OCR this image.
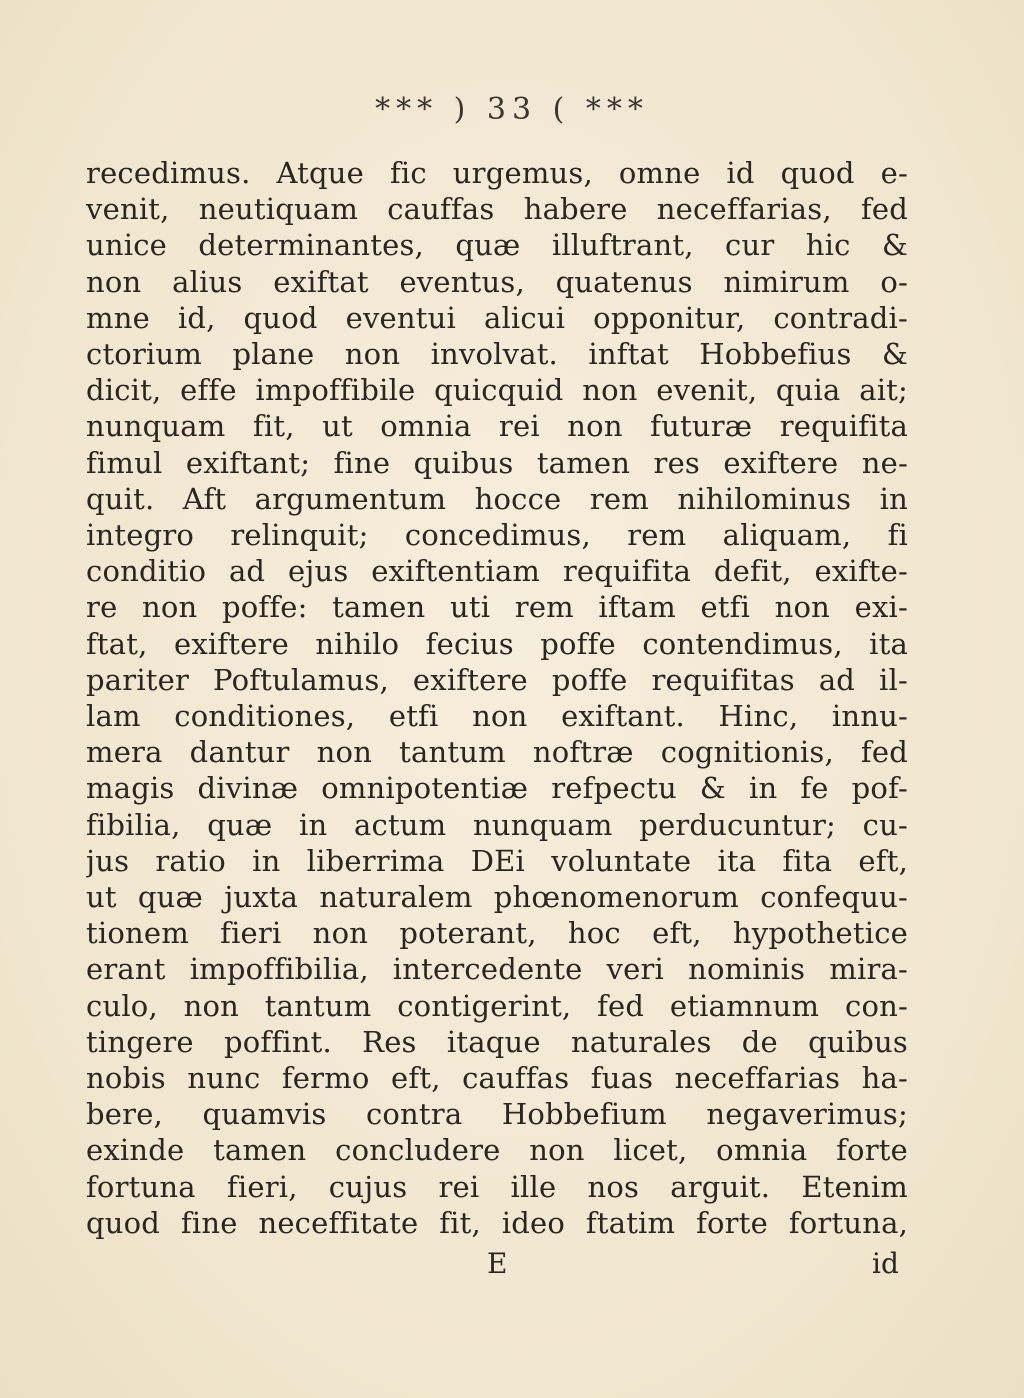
*** ) 33 ( ***
recedimus. Atque fic urgemus, omne id quod e-
venit, neutiquam cauffas habere neceffarias, fed
unice determinantes, quæ illuftrant, cur hic &
non alius exiftat eventus, quatenus nimirum o-
mne id, quod eventui alicui opponitur, contradi-
ctorium plane non involvat. inftat Hobbefius &
dicit, effe impoffibile quicquid non evenit, quia ait;
nunquam fit, ut omnia rei non futuræ requifita
fimul exiftant; fine quibus tamen res exiftere ne-
quit. Aft argumentum hocce rem nihilominus in
integro relinquit; concedimus, rem aliquam, fi
conditio ad ejus exiftentiam requifita defit, exifte-
re non poffe: tamen uti rem iftam etfi non exi-
ftat, exiftere nihilo fecius poffe contendimus, ita
pariter Poftulamus, exiftere poffe requifitas ad il-
lam conditiones, etfi non exiftant. Hinc, innu-
mera dantur non tantum noftræ cognitionis, fed
magis divinæ omnipotentiæ refpectu & in fe pof-
fibilia, quæ in actum nunquam perducuntur; cu-
jus ratio in liberrima DEi voluntate ita fita eft,
ut quæ juxta naturalem phœnomenorum confequu-
tionem fieri non poterant, hoc eft, hypothetice
erant impoffibilia, intercedente veri nominis mira-
culo, non tantum contigerint, fed etiamnum con-
tingere poffint. Res itaque naturales de quibus
nobis nunc fermo eft, cauffas fuas neceffarias ha-
bere, quamvis contra Hobbefium negaverimus;
exinde tamen concludere non licet, omnia forte
fortuna fieri, cujus rei ille nos arguit. Etenim
quod fine neceffitate fit, ideo ftatim forte fortuna,
E	id
